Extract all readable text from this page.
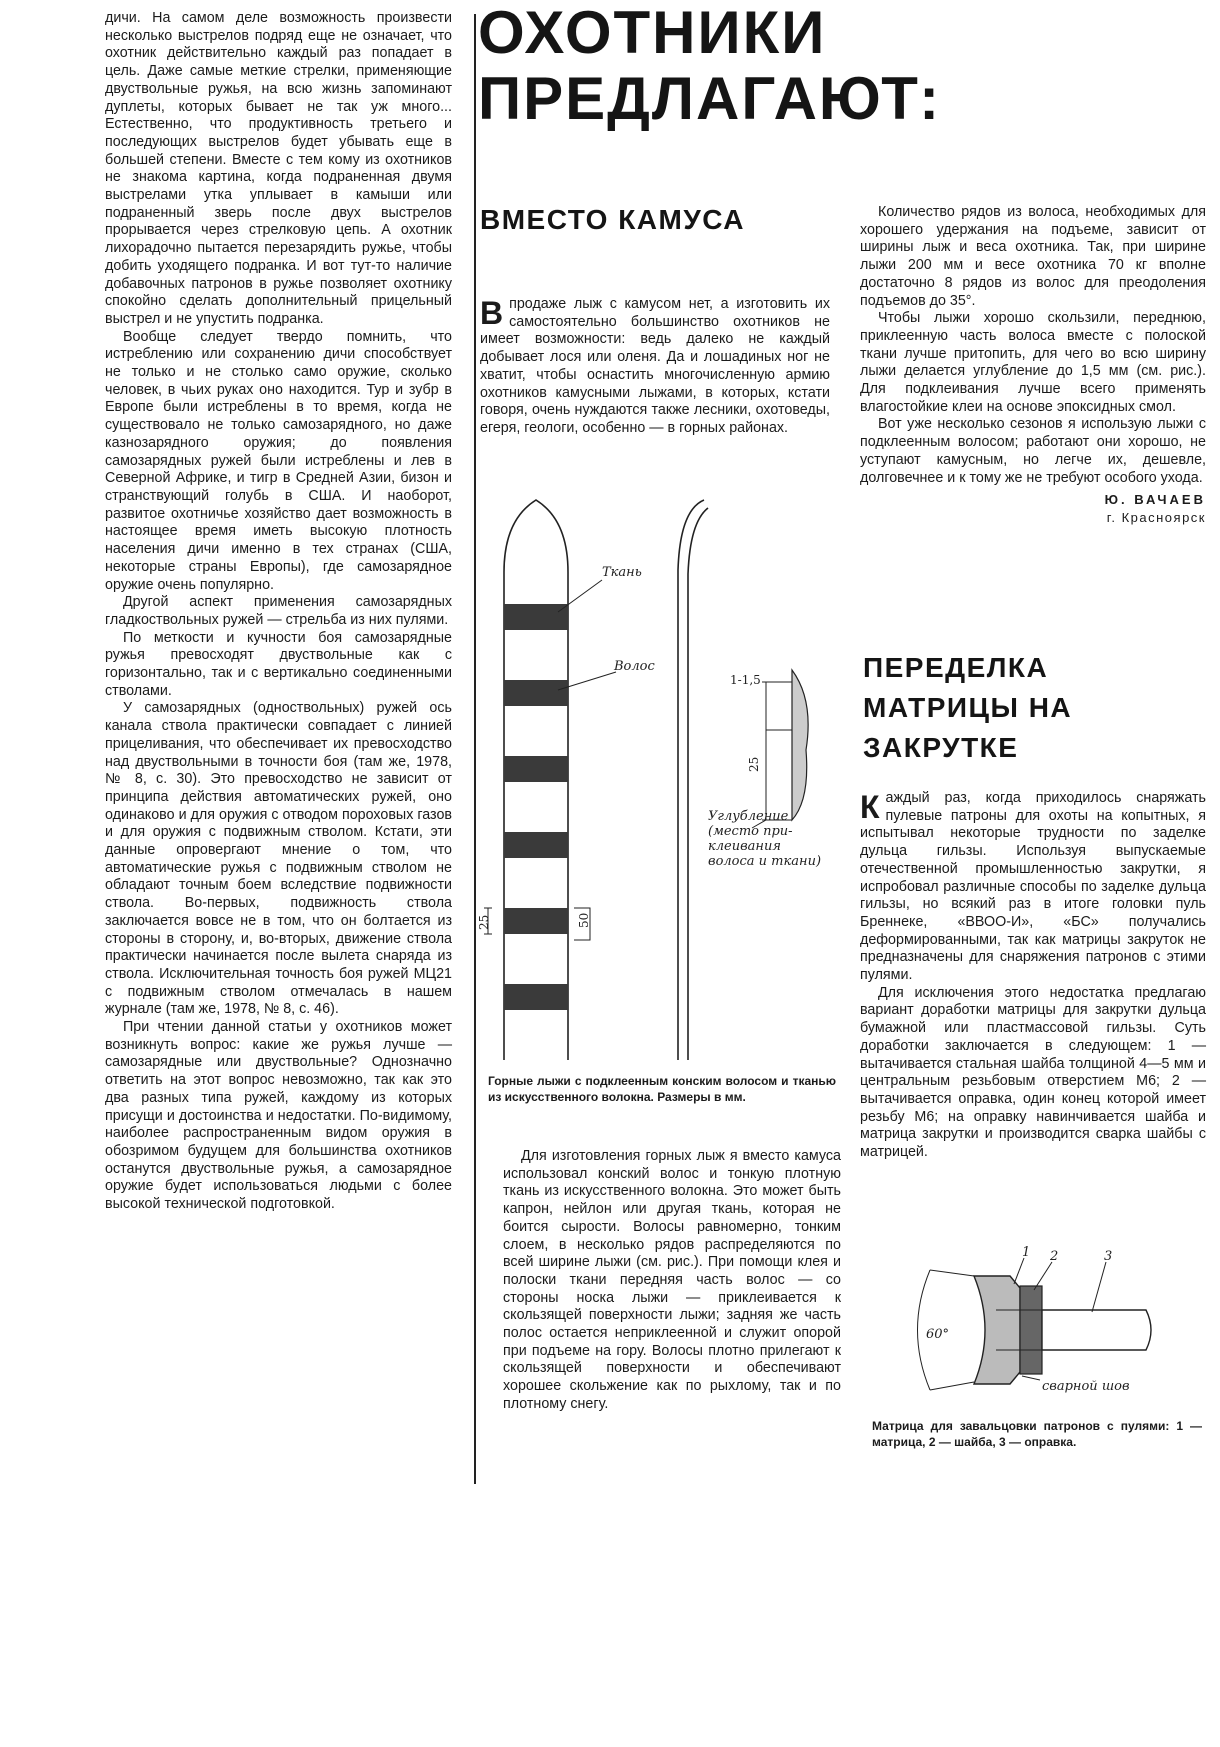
дичи. На самом деле возможность произвести несколько выстрелов подряд еще не означает, что охотник действительно каждый раз попадает в цель. Даже самые меткие стрелки, применяющие двуствольные ружья, на всю жизнь запоминают дуплеты, которых бывает не так уж много... Естественно, что продуктивность третьего и последующих выстрелов будет убывать еще в большей степени. Вместе с тем кому из охотников не знакома картина, когда подраненная двумя выстрелами утка уплывает в камыши или подраненный зверь после двух выстрелов прорывается через стрелковую цепь. А охотник лихорадочно пытается перезарядить ружье, чтобы добить уходящего подранка. И вот тут-то наличие добавочных патронов в ружье позволяет охотнику спокойно сделать дополнительный прицельный выстрел и не упустить подранка.

Вообще следует твердо помнить, что истреблению или сохранению дичи способствует не только и не столько само оружие, сколько человек, в чьих руках оно находится. Тур и зубр в Европе были истреблены в то время, когда не существовало не только самозарядного, но даже казнозарядного оружия; до появления самозарядных ружей были истреблены и лев в Северной Африке, и тигр в Средней Азии, бизон и странствующий голубь в США. И наоборот, развитое охотничье хозяйство дает возможность в настоящее время иметь высокую плотность населения дичи именно в тех странах (США, некоторые страны Европы), где самозарядное оружие очень популярно.

Другой аспект применения самозарядных гладкоствольных ружей — стрельба из них пулями.

По меткости и кучности боя самозарядные ружья превосходят двуствольные как с горизонтально, так и с вертикально соединенными стволами.

У самозарядных (одноствольных) ружей ось канала ствола практически совпадает с линией прицеливания, что обеспечивает их превосходство над двуствольными в точности боя (там же, 1978, № 8, с. 30). Это превосходство не зависит от принципа действия автоматических ружей, оно одинаково и для оружия с отводом пороховых газов и для оружия с подвижным стволом. Кстати, эти данные опровергают мнение о том, что автоматические ружья с подвижным стволом не обладают точным боем вследствие подвижности ствола. Во-первых, подвижность ствола заключается вовсе не в том, что он болтается из стороны в сторону, и, во-вторых, движение ствола практически начинается после вылета снаряда из ствола. Исключительная точность боя ружей МЦ21 с подвижным стволом отмечалась в нашем журнале (там же, 1978, № 8, с. 46).

При чтении данной статьи у охотников может возникнуть вопрос: какие же ружья лучше — самозарядные или двуствольные? Однозначно ответить на этот вопрос невозможно, так как это два разных типа ружей, каждому из которых присущи и достоинства и недостатки. По-видимому, наиболее распространенным видом оружия в обозримом будущем для большинства охотников останутся двуствольные ружья, а самозарядное оружие будет использоваться людьми с более высокой технической подготовкой.

ОХОТНИКИ
ПРЕДЛАГАЮТ:
ВМЕСТО КАМУСА

Впродаже лыж с камусом нет, а изготовить их самостоятельно большинство охотников не имеет возможности: ведь далеко не каждый добывает лося или оленя. Да и лошадиных ног не хватит, чтобы оснастить многочисленную армию охотников камусными лыжами, в которых, кстати говоря, очень нуждаются также лесники, охотоведы, егеря, геологи, особенно — в горных районах.

Ткань
Волос
25	50
1-1,5
25
Углубление (место при- клеивания волоса и ткани)
Горные лыжи с подклеенным конским волосом и тканью из искусственного волокна. Размеры в мм.

Для изготовления горных лыж я вместо камуса использовал конский волос и тонкую плотную ткань из искусственного волокна. Это может быть капрон, нейлон или другая ткань, которая не боится сырости. Волосы равномерно, тонким слоем, в несколько рядов распределяются по всей ширине лыжи (см. рис.). При помощи клея и полоски ткани передняя часть волос — со стороны носка лыжи — приклеивается к скользящей поверхности лыжи; задняя же часть полос остается неприклеенной и служит опорой при подъеме на гору. Волосы плотно прилегают к скользящей поверхности и обеспечивают хорошее скольжение как по рыхлому, так и по плотному снегу.

Количество рядов из волоса, необходимых для хорошего удержания на подъеме, зависит от ширины лыж и веса охотника. Так, при ширине лыжи 200 мм и весе охотника 70 кг вполне достаточно 8 рядов из волос для преодоления подъемов до 35°.

Чтобы лыжи хорошо скользили, переднюю, приклеенную часть волоса вместе с полоской ткани лучше притопить, для чего во всю ширину лыжи делается углубление до 1,5 мм (см. рис.). Для подклеивания лучше всего применять влагостойкие клеи на основе эпоксидных смол.

Вот уже несколько сезонов я использую лыжи с подклеенным волосом; работают они хорошо, не уступают камусным, но легче их, дешевле, долговечнее и к тому же не требуют особого ухода.

Ю. ВАЧАЕВ
г. Красноярск
ПЕРЕДЕЛКА МАТРИЦЫ НА ЗАКРУТКЕ

Каждый раз, когда приходилось снаряжать пулевые патроны для охоты на копытных, я испытывал некоторые трудности по заделке дульца гильзы. Используя выпускаемые отечественной промышленностью закрутки, я испробовал различные способы по заделке дульца гильзы, но всякий раз в итоге головки пуль Бреннеке, «ВВОО-И», «БС» получались деформированными, так как матрицы закруток не предназначены для снаряжения патронов с этими пулями.

Для исключения этого недостатка предлагаю вариант доработки матрицы для закрутки дульца бумажной или пластмассовой гильзы. Суть доработки заключается в следующем: 1 — вытачивается стальная шайба толщиной 4—5 мм и центральным резьбовым отверстием М6; 2 — вытачивается оправка, один конец которой имеет резьбу М6; на оправку навинчивается шайба и матрица закрутки и производится сварка шайбы с матрицей.

60°
1 2	3
сварной шов
Матрица для завальцовки патронов с пулями: 1 — матрица, 2 — шайба, 3 — оправка.
